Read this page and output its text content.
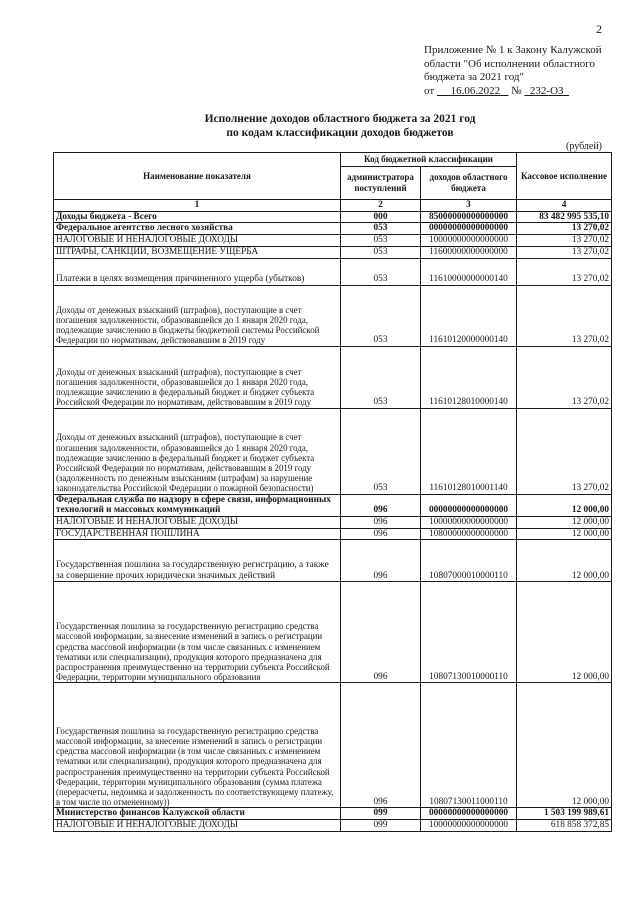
2
Приложение № 1 к Закону Калужской
области "Об исполнении областного
бюджета за 2021 год"
от 16.06.2022 № 232-ОЗ
Исполнение доходов областного бюджета за 2021 год
по кодам классификации доходов бюджетов
(рублей)
Наименование показателя	Код бюджетной классификации		Кассовое исполнение
	администратора поступлений	доходов областного бюджета	
1	2	3	4
Доходы бюджета - Всего	000	85000000000000000	83 482 995 535,10
Федеральное агентство лесного хозяйства	053	00000000000000000	13 270,02
НАЛОГОВЫЕ И НЕНАЛОГОВЫЕ ДОХОДЫ	053	10000000000000000	13 270,02
ШТРАФЫ, САНКЦИИ, ВОЗМЕЩЕНИЕ УЩЕРБА	053	11600000000000000	13 270,02
Платежи в целях возмещения причиненного ущерба (убытков)	053	11610000000000140	13 270,02
Доходы от денежных взысканий (штрафов), поступающие в счет погашения задолженности, образовавшейся до 1 января 2020 года, подлежащие зачислению в бюджеты бюджетной системы Российской Федерации по нормативам, действовавшим в 2019 году	053	11610120000000140	13 270,02
Доходы от денежных взысканий (штрафов), поступающие в счет погашения задолженности, образовавшейся до 1 января 2020 года, подлежащие зачислению в федеральный бюджет и бюджет субъекта Российской Федерации по нормативам, действовавшим в 2019 году	053	11610128010000140	13 270,02
Доходы от денежных взысканий (штрафов), поступающие в счет погашения задолженности, образовавшейся до 1 января 2020 года, подлежащие зачислению в федеральный бюджет и бюджет субъекта Российской Федерации по нормативам, действовавшим в 2019 году (задолженность по денежным взысканиям (штрафам) за нарушение законодательства Российской Федерации о пожарной безопасности)	053	11610128010001140	13 270,02
Федеральная служба по надзору в сфере связи, информационных технологий и массовых коммуникаций	096	00000000000000000	12 000,00
НАЛОГОВЫЕ И НЕНАЛОГОВЫЕ ДОХОДЫ	096	10000000000000000	12 000,00
ГОСУДАРСТВЕННАЯ ПОШЛИНА	096	10800000000000000	12 000,00
Государственная пошлина за государственную регистрацию, а также за совершение прочих юридически значимых действий	096	10807000010000110	12 000,00
Государственная пошлина за государственную регистрацию средства массовой информации, за внесение изменений в запись о регистрации средства массовой информации (в том числе связанных с изменением тематики или специализации), продукция которого предназначена для распространения преимущественно на территории субъекта Российской Федерации, территории муниципального образования	096	10807130010000110	12 000,00
Государственная пошлина за государственную регистрацию средства массовой информации, за внесение изменений в запись о регистрации средства массовой информации (в том числе связанных с изменением тематики или специализации), продукция которого предназначена для распространения преимущественно на территории субъекта Российской Федерации, территории муниципального образования (сумма платежа (перерасчеты, недоимка и задолженность по соответствующему платежу, в том числе по отмененному))	096	10807130011000110	12 000,00
Министерство финансов Калужской области	099	00000000000000000	1 503 199 989,61
НАЛОГОВЫЕ И НЕНАЛОГОВЫЕ ДОХОДЫ	099	10000000000000000	618 858 372,85
